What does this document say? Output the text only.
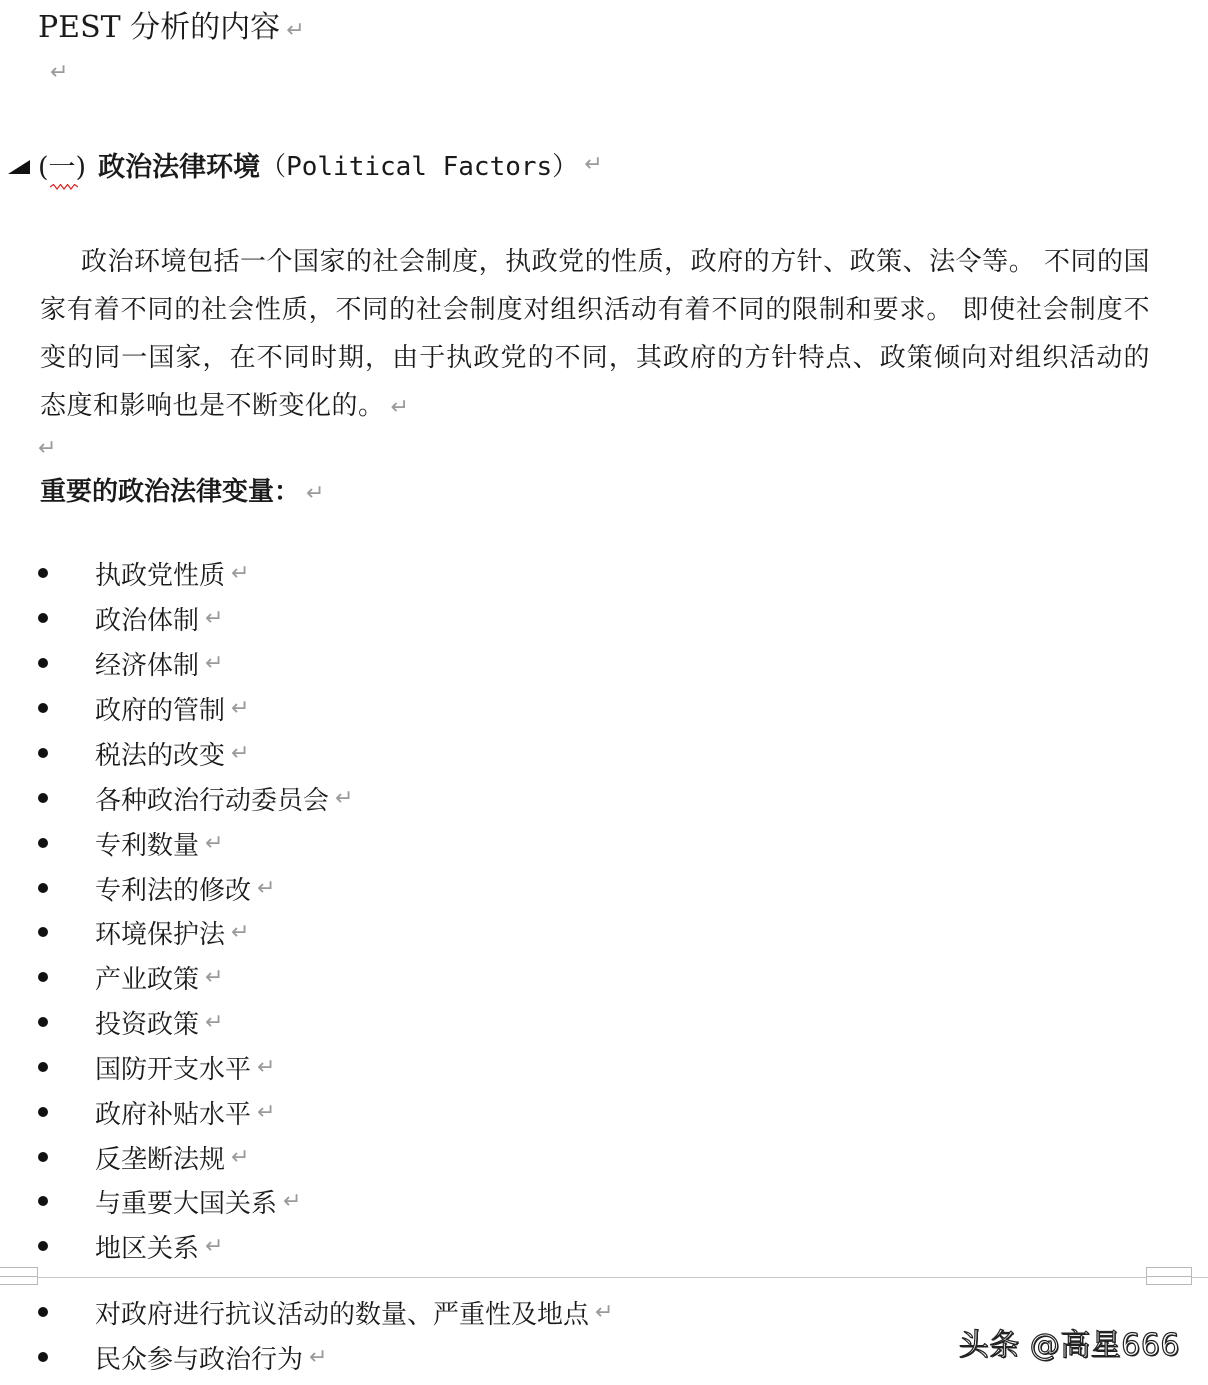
PEST 分析的内容 ↵
↵
(一) 政治法律环境 （Political Factors） ↵
政治环境包括一个国家的社会制度，执政党的性质，政府的方针、政策、法令等。 不同的国家有着不同的社会性质，不同的社会制度对组织活动有着不同的限制和要求。 即使社会制度不变的同一国家，在不同时期，由于执政党的不同，其政府的方针特点、政策倾向对组织活动的态度和影响也是不断变化的。 ↵
↵
重要的政治法律变量： ↵
执政党性质 ↵
政治体制 ↵
经济体制 ↵
政府的管制 ↵
税法的改变 ↵
各种政治行动委员会 ↵
专利数量 ↵
专利法的修改 ↵
环境保护法 ↵
产业政策 ↵
投资政策 ↵
国防开支水平 ↵
政府补贴水平 ↵
反垄断法规 ↵
与重要大国关系 ↵
地区关系 ↵
对政府进行抗议活动的数量、严重性及地点 ↵
民众参与政治行为 ↵	头条 @高星666
